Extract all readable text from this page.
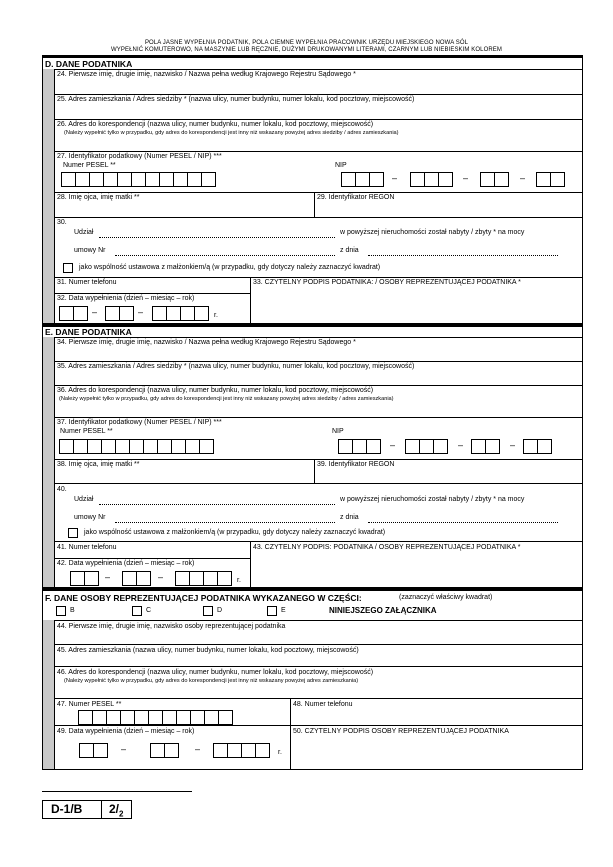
POLA JASNE WYPEŁNIA PODATNIK, POLA CIEMNE WYPEŁNIA PRACOWNIK URZĘDU MIEJSKIEGO NOWA SÓL
WYPEŁNIĆ KOMUTEROWO, NA MASZYNIE LUB RĘCZNIE, DUŻYMI DRUKOWANYMI LITERAMI, CZARNYM LUB NIEBIESKIM KOLOREM
D. DANE PODATNIKA
24. Pierwsze imię, drugie imię, nazwisko / Nazwa pełna według Krajowego Rejestru Sądowego *
25. Adres zamieszkania / Adres siedziby * (nazwa ulicy, numer budynku, numer lokalu, kod pocztowy, miejscowość)
26. Adres do korespondencji (nazwa ulicy, numer budynku, numer lokalu, kod pocztowy, miejscowość)
(Należy wypełnić tylko w przypadku, gdy adres do korespondencji jest inny niż wskazany powyżej adres siedziby / adres zamieszkania)
27. Identyfikator podatkowy (Numer PESEL / NIP) ***
Numer PESEL **	NIP
–	–	–
28. Imię ojca, imię matki **	29. Identyfikator REGON
30.
Udział	w powyższej nieruchomości został nabyty / zbyty * na mocy
umowy Nr	z dnia
jako wspólność ustawowa z małżonkiem/ą (w przypadku, gdy dotyczy należy zaznaczyć kwadrat)
31. Numer telefonu	33. CZYTELNY PODPIS PODATNIKA: / OSOBY REPREZENTUJĄCEJ PODATNIKA *
32. Data wypełnienia (dzień – miesiąc – rok)
–	–	r.
E. DANE PODATNIKA
34. Pierwsze imię, drugie imię, nazwisko / Nazwa pełna według Krajowego Rejestru Sądowego *
35. Adres zamieszkania / Adres siedziby * (nazwa ulicy, numer budynku, numer lokalu, kod pocztowy, miejscowość)
36. Adres do korespondencji (nazwa ulicy, numer budynku, numer lokalu, kod pocztowy, miejscowość)
(Należy wypełnić tylko w przypadku, gdy adres do korespondencji jest inny niż wskazany powyżej adres siedziby / adres zamieszkania)
37. Identyfikator podatkowy (Numer PESEL / NIP) ***
Numer PESEL **	NIP
–	–	–
38. Imię ojca, imię matki **	39. Identyfikator REGON
40.
Udział	w powyższej nieruchomości został nabyty / zbyty * na mocy
umowy Nr	z dnia
jako wspólność ustawowa z małżonkiem/ą (w przypadku, gdy dotyczy należy zaznaczyć kwadrat)
41. Numer telefonu	43. CZYTELNY PODPIS: PODATNIKA / OSOBY REPREZENTUJĄCEJ PODATNIKA *
42. Data wypełnienia (dzień – miesiąc – rok)
–	–	r.
F. DANE OSOBY REPREZENTUJĄCEJ PODATNIKA WYKAZANEGO W CZĘŚCI:	(zaznaczyć właściwy kwadrat)
B	C	D	E	NINIEJSZEGO ZAŁĄCZNIKA
44. Pierwsze imię, drugie imię, nazwisko osoby reprezentującej podatnika
45. Adres zamieszkania (nazwa ulicy, numer budynku, numer lokalu, kod pocztowy, miejscowość)
46. Adres do korespondencji (nazwa ulicy, numer budynku, numer lokalu, kod pocztowy, miejscowość)
(Należy wypełnić tylko w przypadku, gdy adres do korespondencji jest inny niż wskazany powyżej adres zamieszkania)
47. Numer PESEL **	48. Numer telefonu
49. Data wypełnienia (dzień – miesiąc – rok)
–	–	r.
50. CZYTELNY PODPIS OSOBY REPREZENTUJĄCEJ PODATNIKA
D-1/B $2/_2$
